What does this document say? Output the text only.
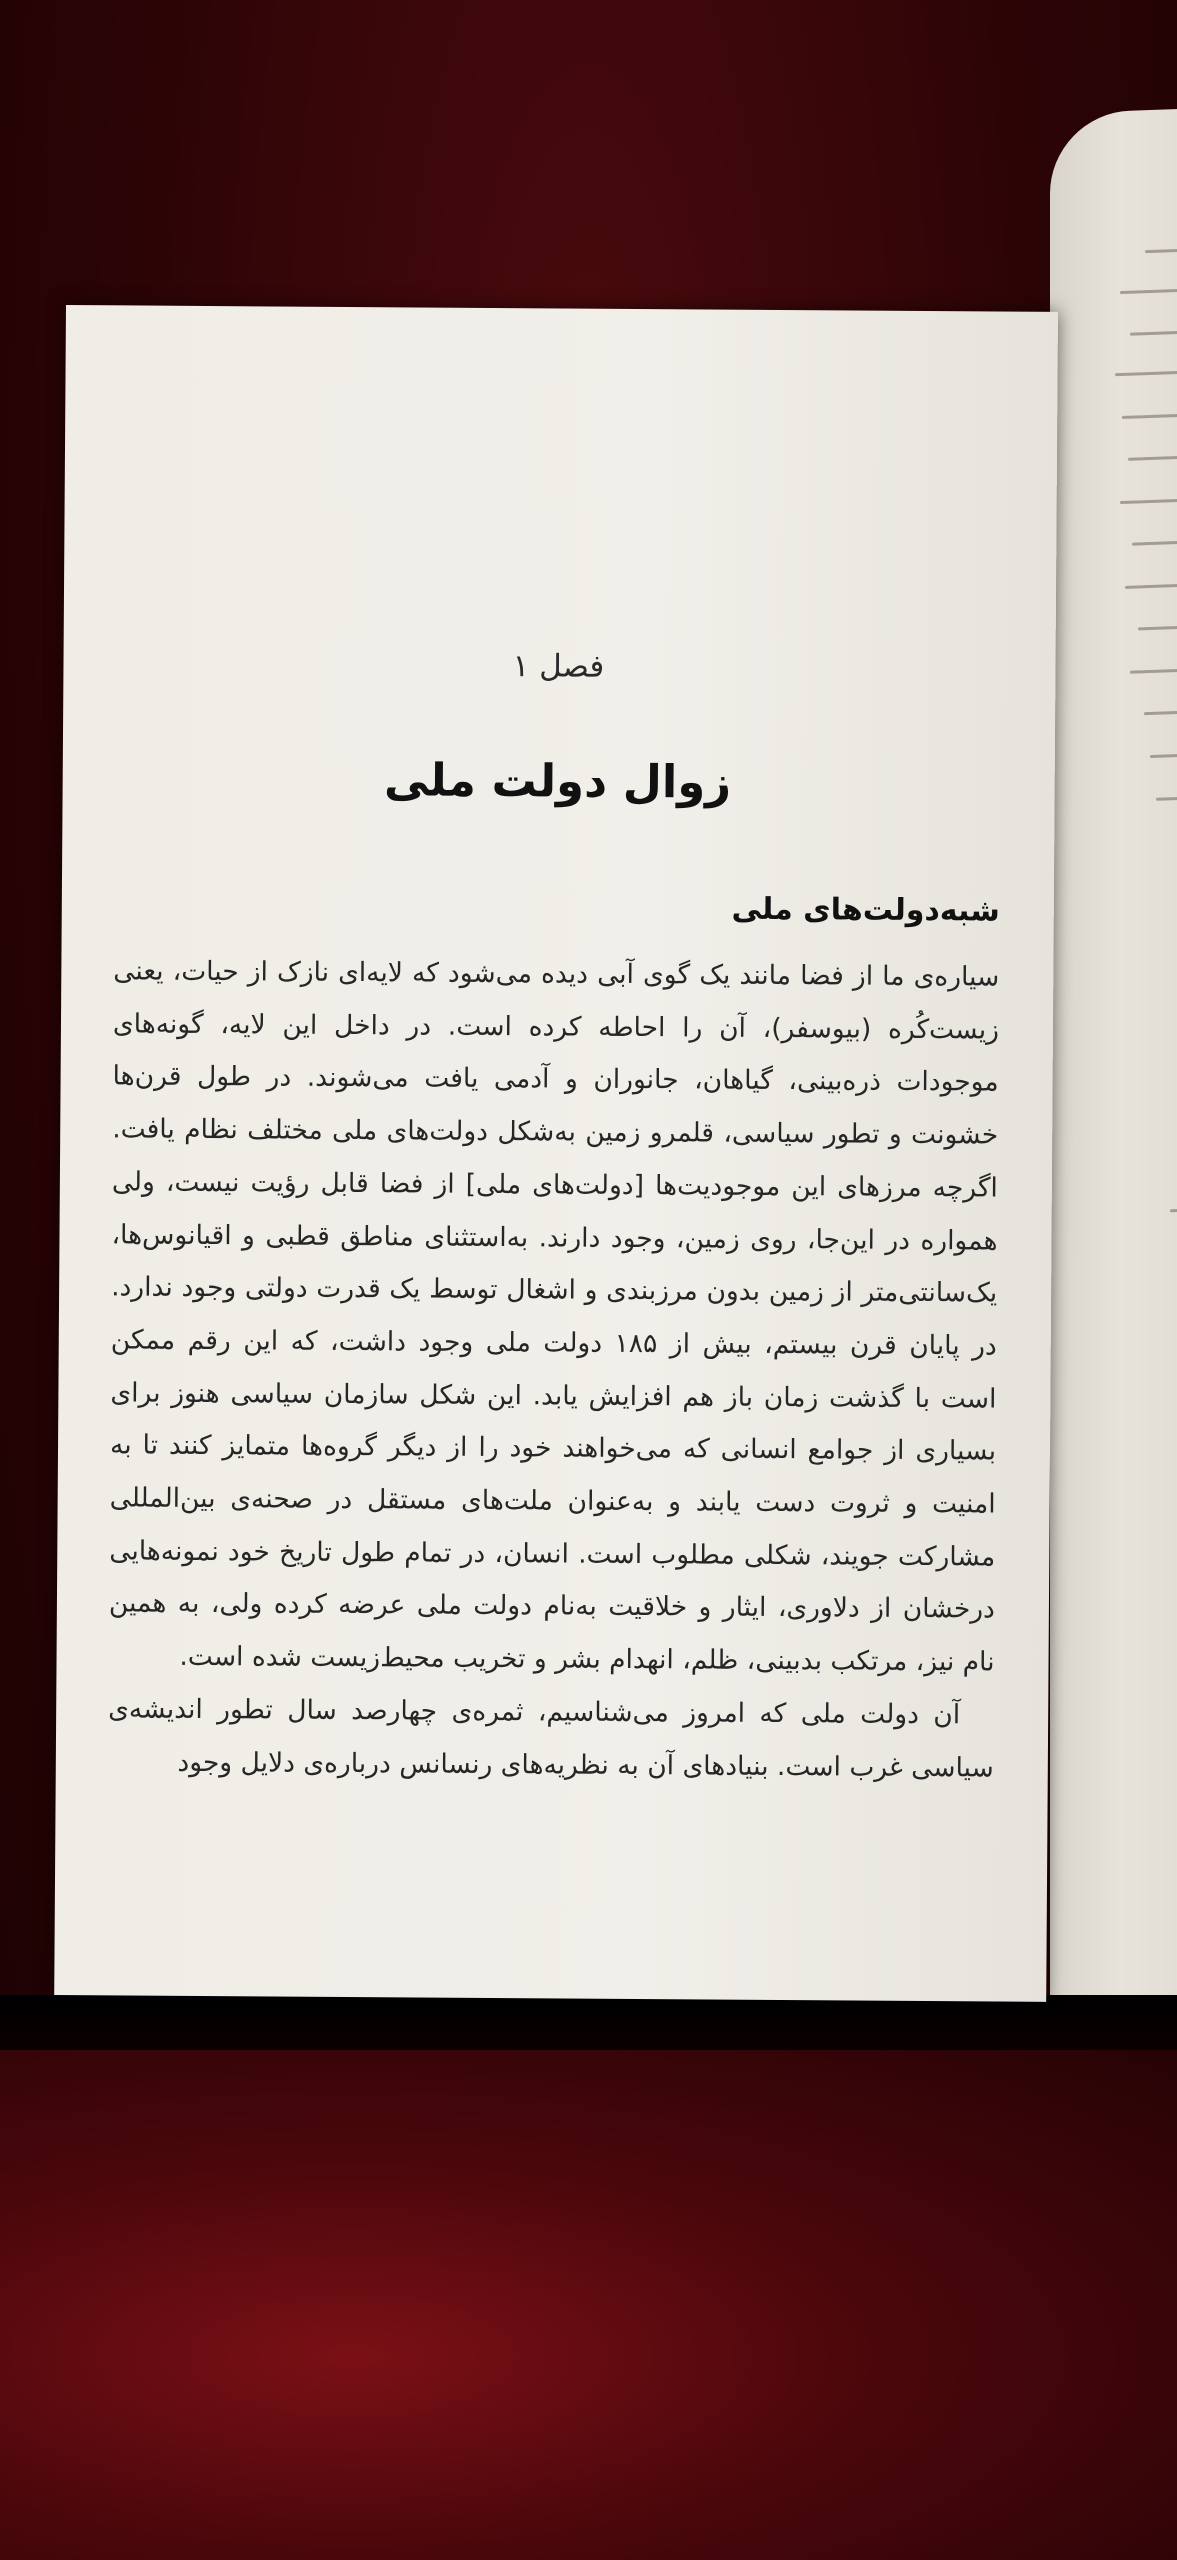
فصل ۱
زوال دولت ملی
شبه‌دولت‌های ملی

سیاره‌ی ما از فضا مانند یک گوی آبی دیده می‌شود که لایه‌ای نازک از حیات، یعنی زیست‌کُره (بیوسفر)، آن را احاطه کرده است. در داخل این لایه، گونه‌های موجودات ذره‌بینی، گیاهان، جانوران و آدمی یافت می‌شوند. در طول قرن‌ها خشونت و تطور سیاسی، قلمرو زمین به‌شکل دولت‌های ملی مختلف نظام یافت. اگرچه مرزهای این موجودیت‌ها [دولت‌های ملی] از فضا قابل رؤیت نیست، ولی همواره در این‌جا، روی زمین، وجود دارند. به‌استثنای مناطق قطبی و اقیانوس‌ها، یک‌سانتی‌متر از زمین بدون مرزبندی و اشغال توسط یک قدرت دولتی وجود ندارد. در پایان قرن بیستم، بیش از ۱۸۵ دولت ملی وجود داشت، که این رقم ممکن است با گذشت زمان باز هم افزایش یابد. این شکل سازمان سیاسی هنوز برای بسیاری از جوامع انسانی که می‌خواهند خود را از دیگر گروه‌ها متمایز کنند تا به امنیت و ثروت دست یابند و به‌عنوان ملت‌های مستقل در صحنه‌ی بین‌المللی مشارکت جویند، شکلی مطلوب است. انسان، در تمام طول تاریخ خود نمونه‌هایی درخشان از دلاوری، ایثار و خلاقیت به‌نام دولت ملی عرضه کرده ولی، به همین نام نیز، مرتکب بدبینی، ظلم، انهدام بشر و تخریب محیط‌زیست شده است.

آن دولت ملی که امروز می‌شناسیم، ثمره‌ی چهارصد سال تطور اندیشه‌ی سیاسی غرب است. بنیادهای آن به نظریه‌های رنسانس درباره‌ی دلایل وجود
